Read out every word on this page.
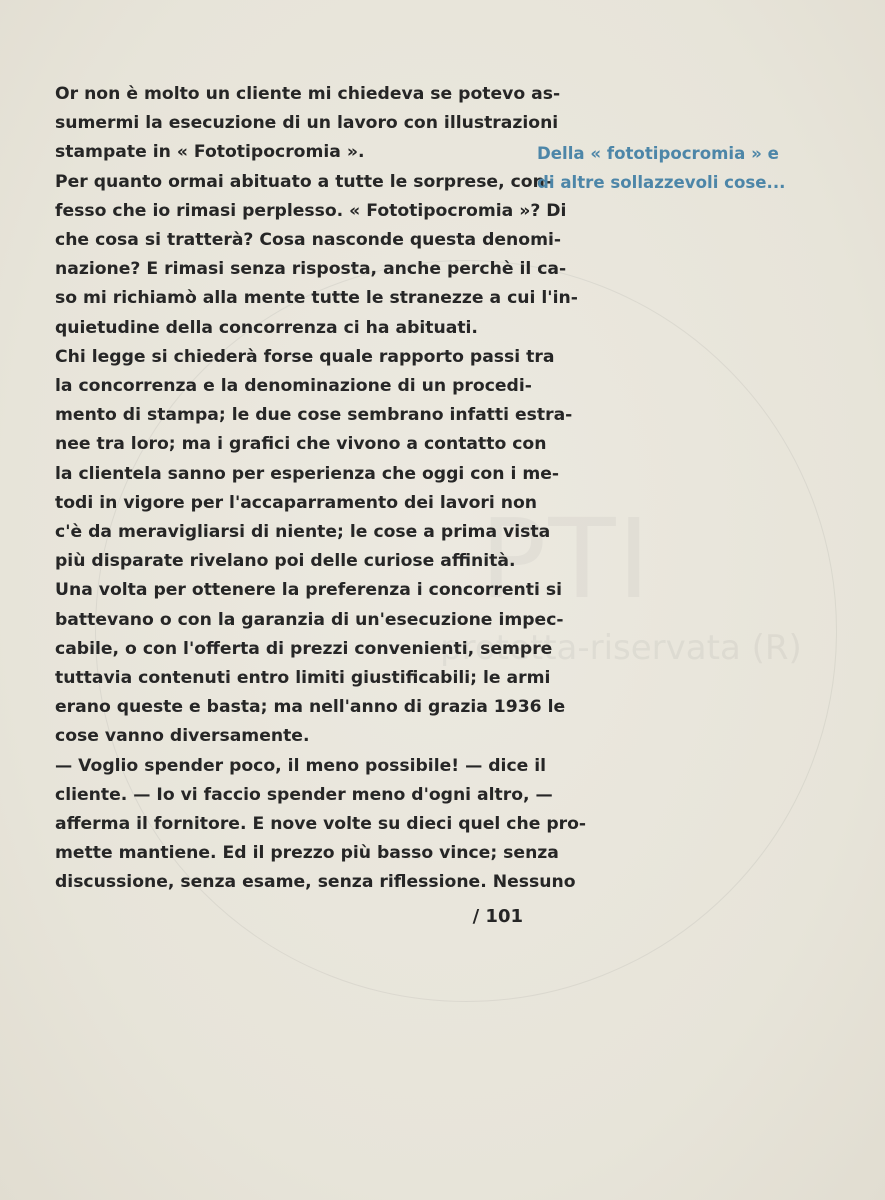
PTI
protetta-riservata (R)
Or non è molto un cliente mi chiedeva se potevo as-
sumermi la esecuzione di un lavoro con illustrazioni
stampate in « Fototipocromia ».
Per quanto ormai abituato a tutte le sorprese, con-
fesso che io rimasi perplesso. « Fototipocromia »? Di
che cosa si tratterà? Cosa nasconde questa denomi-
nazione? E rimasi senza risposta, anche perchè il ca-
so mi richiamò alla mente tutte le stranezze a cui l'in-
quietudine della concorrenza ci ha abituati.
Chi legge si chiederà forse quale rapporto passi tra
la concorrenza e la denominazione di un procedi-
mento di stampa; le due cose sembrano infatti estra-
nee tra loro; ma i grafici che vivono a contatto con
la clientela sanno per esperienza che oggi con i me-
todi in vigore per l'accaparramento dei lavori non
c'è da meravigliarsi di niente; le cose a prima vista
più disparate rivelano poi delle curiose affinità.
Una volta per ottenere la preferenza i concorrenti si
battevano o con la garanzia di un'esecuzione impec-
cabile, o con l'offerta di prezzi convenienti, sempre
tuttavia contenuti entro limiti giustificabili; le armi
erano queste e basta; ma nell'anno di grazia 1936 le
cose vanno diversamente.
— Voglio spender poco, il meno possibile! — dice il
cliente. — Io vi faccio spender meno d'ogni altro, —
afferma il fornitore. E nove volte su dieci quel che pro-
mette mantiene. Ed il prezzo più basso vince; senza
discussione, senza esame, senza riflessione. Nessuno
Della « fototipocromia » e
di altre sollazzevoli cose...
/ 101
